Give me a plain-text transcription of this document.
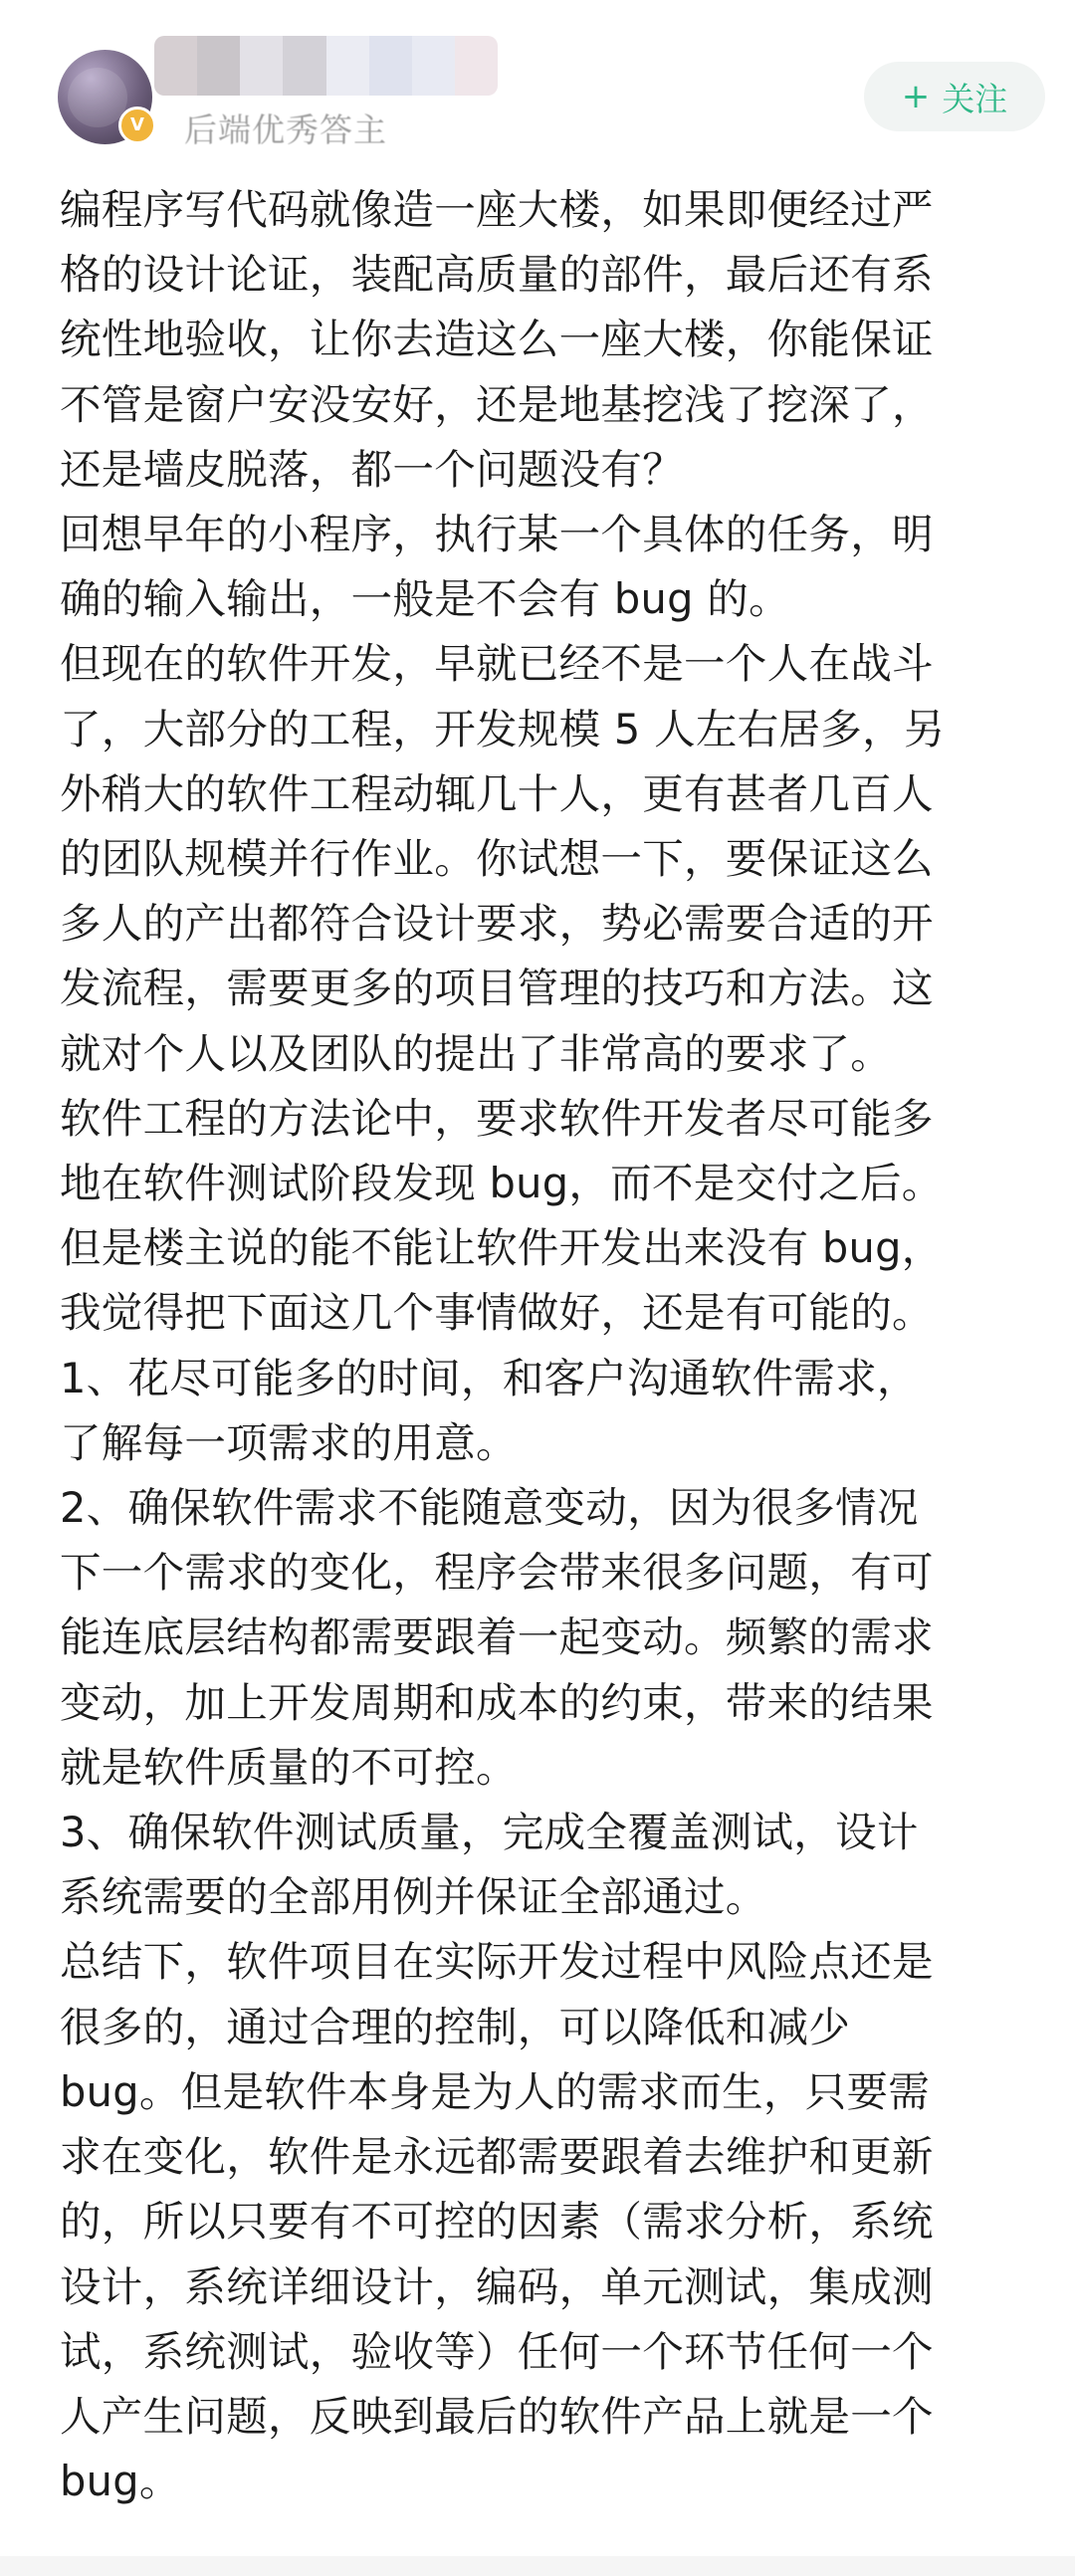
V	后端优秀答主
+ 关注
编程序写代码就像造一座大楼，如果即便经过严
格的设计论证，装配高质量的部件，最后还有系
统性地验收，让你去造这么一座大楼，你能保证
不管是窗户安没安好，还是地基挖浅了挖深了，
还是墙皮脱落，都一个问题没有？
回想早年的小程序，执行某一个具体的任务，明
确的输入输出，一般是不会有 bug 的。
但现在的软件开发，早就已经不是一个人在战斗
了，大部分的工程，开发规模 5 人左右居多，另
外稍大的软件工程动辄几十人，更有甚者几百人
的团队规模并行作业。你试想一下，要保证这么
多人的产出都符合设计要求，势必需要合适的开
发流程，需要更多的项目管理的技巧和方法。这
就对个人以及团队的提出了非常高的要求了。
软件工程的方法论中，要求软件开发者尽可能多
地在软件测试阶段发现 bug，而不是交付之后。
但是楼主说的能不能让软件开发出来没有 bug，
我觉得把下面这几个事情做好，还是有可能的。
1、花尽可能多的时间，和客户沟通软件需求，
了解每一项需求的用意。
2、确保软件需求不能随意变动，因为很多情况
下一个需求的变化，程序会带来很多问题，有可
能连底层结构都需要跟着一起变动。频繁的需求
变动，加上开发周期和成本的约束，带来的结果
就是软件质量的不可控。
3、确保软件测试质量，完成全覆盖测试，设计
系统需要的全部用例并保证全部通过。
总结下，软件项目在实际开发过程中风险点还是
很多的，通过合理的控制，可以降低和减少
bug。但是软件本身是为人的需求而生，只要需
求在变化，软件是永远都需要跟着去维护和更新
的，所以只要有不可控的因素（需求分析，系统
设计，系统详细设计，编码，单元测试，集成测
试，系统测试，验收等）任何一个环节任何一个
人产生问题，反映到最后的软件产品上就是一个
bug。
